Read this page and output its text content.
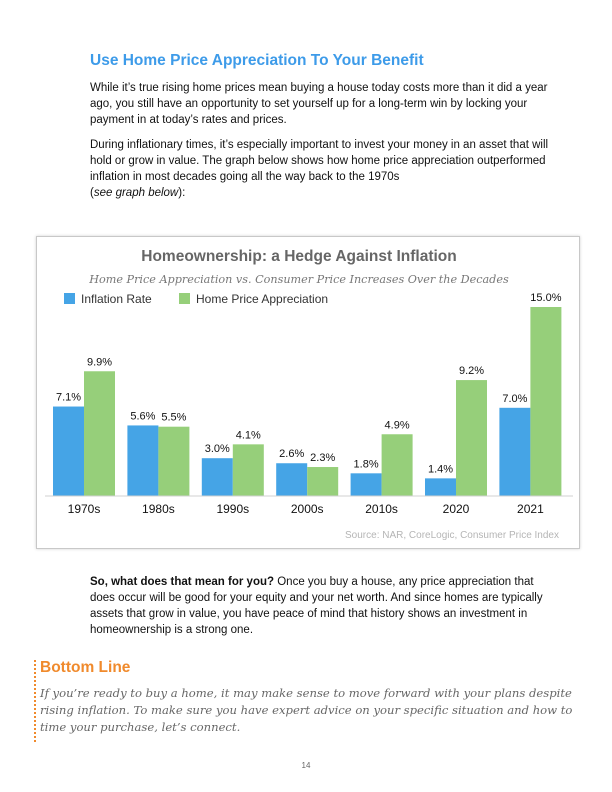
Use Home Price Appreciation To Your Benefit

While it’s true rising home prices mean buying a house today costs more than it did a year ago, you still have an opportunity to set yourself up for a long-term win by locking your payment in at today’s rates and prices.

During inflationary times, it’s especially important to invest your money in an asset that will hold or grow in value. The graph below shows how home price appreciation outperformed inflation in most decades going all the way back to the 1970s
(see graph below):

Homeownership: a Hedge Against Inflation
Home Price Appreciation vs. Consumer Price Increases Over the Decades
Inflation Rate	Home Price Appreciation
7.1%
9.9%
5.6% 5.5%
3.0%
4.1%
2.6% 2.3%
1.8%
4.9%
1.4%
9.2%
7.0%
15.0%
1970s	1980s	1990s	2000s	2010s	2020	2021
Source: NAR, CoreLogic, Consumer Price Index

So, what does that mean for you? Once you buy a house, any price appreciation that does occur will be good for your equity and your net worth. And since homes are typically assets that grow in value, you have peace of mind that history shows an investment in homeownership is a strong one.

Bottom Line

If you’re ready to buy a home, it may make sense to move forward with your plans despite rising inflation. To make sure you have expert advice on your specific situation and how to time your purchase, let’s connect.

14
